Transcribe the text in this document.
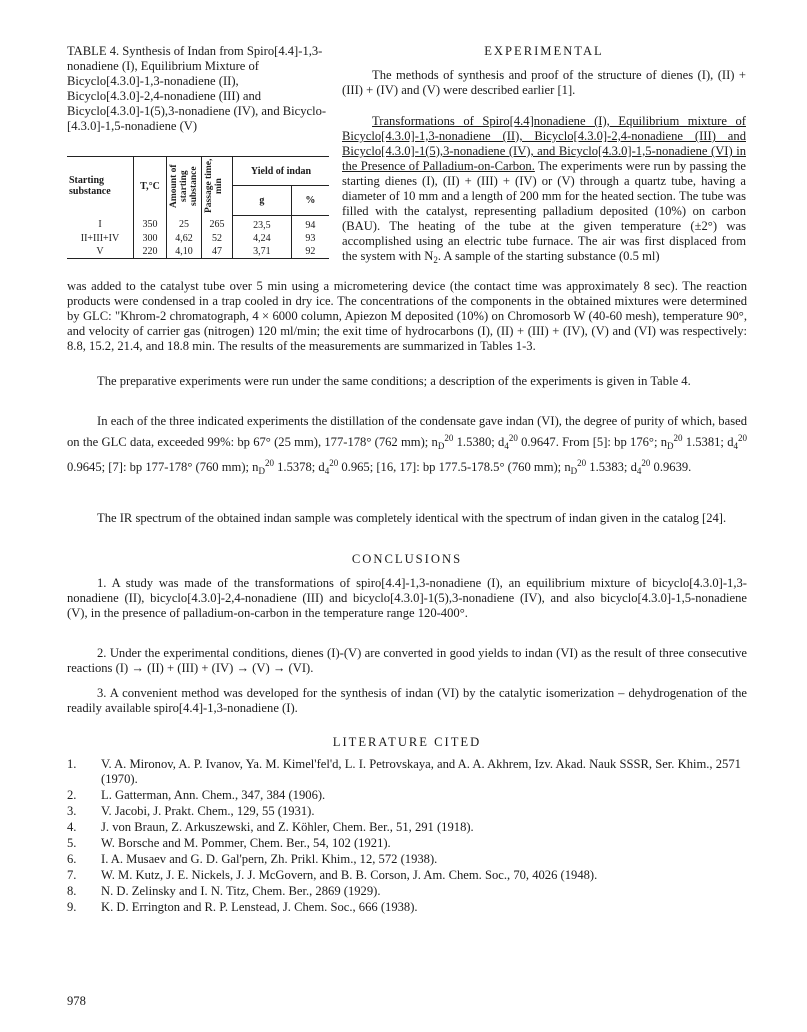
TABLE 4. Synthesis of Indan from Spiro[4.4]-1,3-nonadiene (I), Equilibrium Mixture of Bicyclo[4.3.0]-1,3-nonadiene (II), Bicyclo[4.3.0]-2,4-nonadiene (III) and Bicyclo[4.3.0]-1(5),3-nonadiene (IV), and Bicyclo-[4.3.0]-1,5-nonadiene (V)
Starting substance	T,°C	Amount of starting substance	Passage time, min	Yield of indan	
				g	%
I	350	25	265	23,5	94
II+III+IV	300	4,62	52	4,24	93
V	220	4,10	47	3,71	92
EXPERIMENTAL
The methods of synthesis and proof of the structure of dienes (I), (II) + (III) + (IV) and (V) were described earlier [1].
Transformations of Spiro[4.4]nonadiene (I), Equilibrium mixture of Bicyclo[4.3.0]-1,3-nonadiene (II), Bicyclo[4.3.0]-2,4-nonadiene (III) and Bicyclo[4.3.0]-1(5),3-nonadiene (IV), and Bicyclo[4.3.0]-1,5-nonadiene (VI) in the Presence of Palladium-on-Carbon. The experiments were run by passing the starting dienes (I), (II) + (III) + (IV) or (V) through a quartz tube, having a diameter of 10 mm and a length of 200 mm for the heated section. The tube was filled with the catalyst, representing palladium deposited (10%) on carbon (BAU). The heating of the tube at the given temperature (±2°) was accomplished using an electric tube furnace. The air was first displaced from the system with $N_2$. A sample of the starting substance (0.5 ml)
was added to the catalyst tube over 5 min using a micrometering device (the contact time was approximately 8 sec). The reaction products were condensed in a trap cooled in dry ice. The concentrations of the components in the obtained mixtures were determined by GLC: "Khrom-2 chromatograph, 4 × 6000 column, Apiezon M deposited (10%) on Chromosorb W (40-60 mesh), temperature 90°, and velocity of carrier gas (nitrogen) 120 ml/min; the exit time of hydrocarbons (I), (II) + (III) + (IV), (V) and (VI) was respectively: 8.8, 15.2, 21.4, and 18.8 min. The results of the measurements are summarized in Tables 1-3.
The preparative experiments were run under the same conditions; a description of the experiments is given in Table 4.
In each of the three indicated experiments the distillation of the condensate gave indan (VI), the degree of purity of which, based on the GLC data, exceeded 99%: bp 67° (25 mm), 177-178° (762 mm); $n_D^{20}$ 1.5380; $d_4^{20}$ 0.9647. From [5]: bp 176°; $n_D^{20}$ 1.5381; $d_4^{20}$ 0.9645; [7]: bp 177-178° (760 mm); $n_D^{20}$ 1.5378; $d_4^{20}$ 0.965; [16, 17]: bp 177.5-178.5° (760 mm); $n_D^{20}$ 1.5383; $d_4^{20}$ 0.9639.
The IR spectrum of the obtained indan sample was completely identical with the spectrum of indan given in the catalog [24].
CONCLUSIONS
1. A study was made of the transformations of spiro[4.4]-1,3-nonadiene (I), an equilibrium mixture of bicyclo[4.3.0]-1,3-nonadiene (II), bicyclo[4.3.0]-2,4-nonadiene (III) and bicyclo[4.3.0]-1(5),3-nonadiene (IV), and also bicyclo[4.3.0]-1,5-nonadiene (V), in the presence of palladium-on-carbon in the temperature range 120-400°.
2. Under the experimental conditions, dienes (I)-(V) are converted in good yields to indan (VI) as the result of three consecutive reactions (I) → (II) + (III) + (IV) → (V) → (VI).
3. A convenient method was developed for the synthesis of indan (VI) by the catalytic isomerization – dehydrogenation of the readily available spiro[4.4]-1,3-nonadiene (I).
LITERATURE CITED
1.	V. A. Mironov, A. P. Ivanov, Ya. M. Kimel'fel'd, L. I. Petrovskaya, and A. A. Akhrem, Izv. Akad. Nauk SSSR, Ser. Khim., 2571 (1970).
2.	L. Gatterman, Ann. Chem., 347, 384 (1906).
3.	V. Jacobi, J. Prakt. Chem., 129, 55 (1931).
4.	J. von Braun, Z. Arkuszewski, and Z. Köhler, Chem. Ber., 51, 291 (1918).
5.	W. Borsche and M. Pommer, Chem. Ber., 54, 102 (1921).
6.	I. A. Musaev and G. D. Gal'pern, Zh. Prikl. Khim., 12, 572 (1938).
7.	W. M. Kutz, J. E. Nickels, J. J. McGovern, and B. B. Corson, J. Am. Chem. Soc., 70, 4026 (1948).
8.	N. D. Zelinsky and I. N. Titz, Chem. Ber., 2869 (1929).
9.	K. D. Errington and R. P. Lenstead, J. Chem. Soc., 666 (1938).
978
